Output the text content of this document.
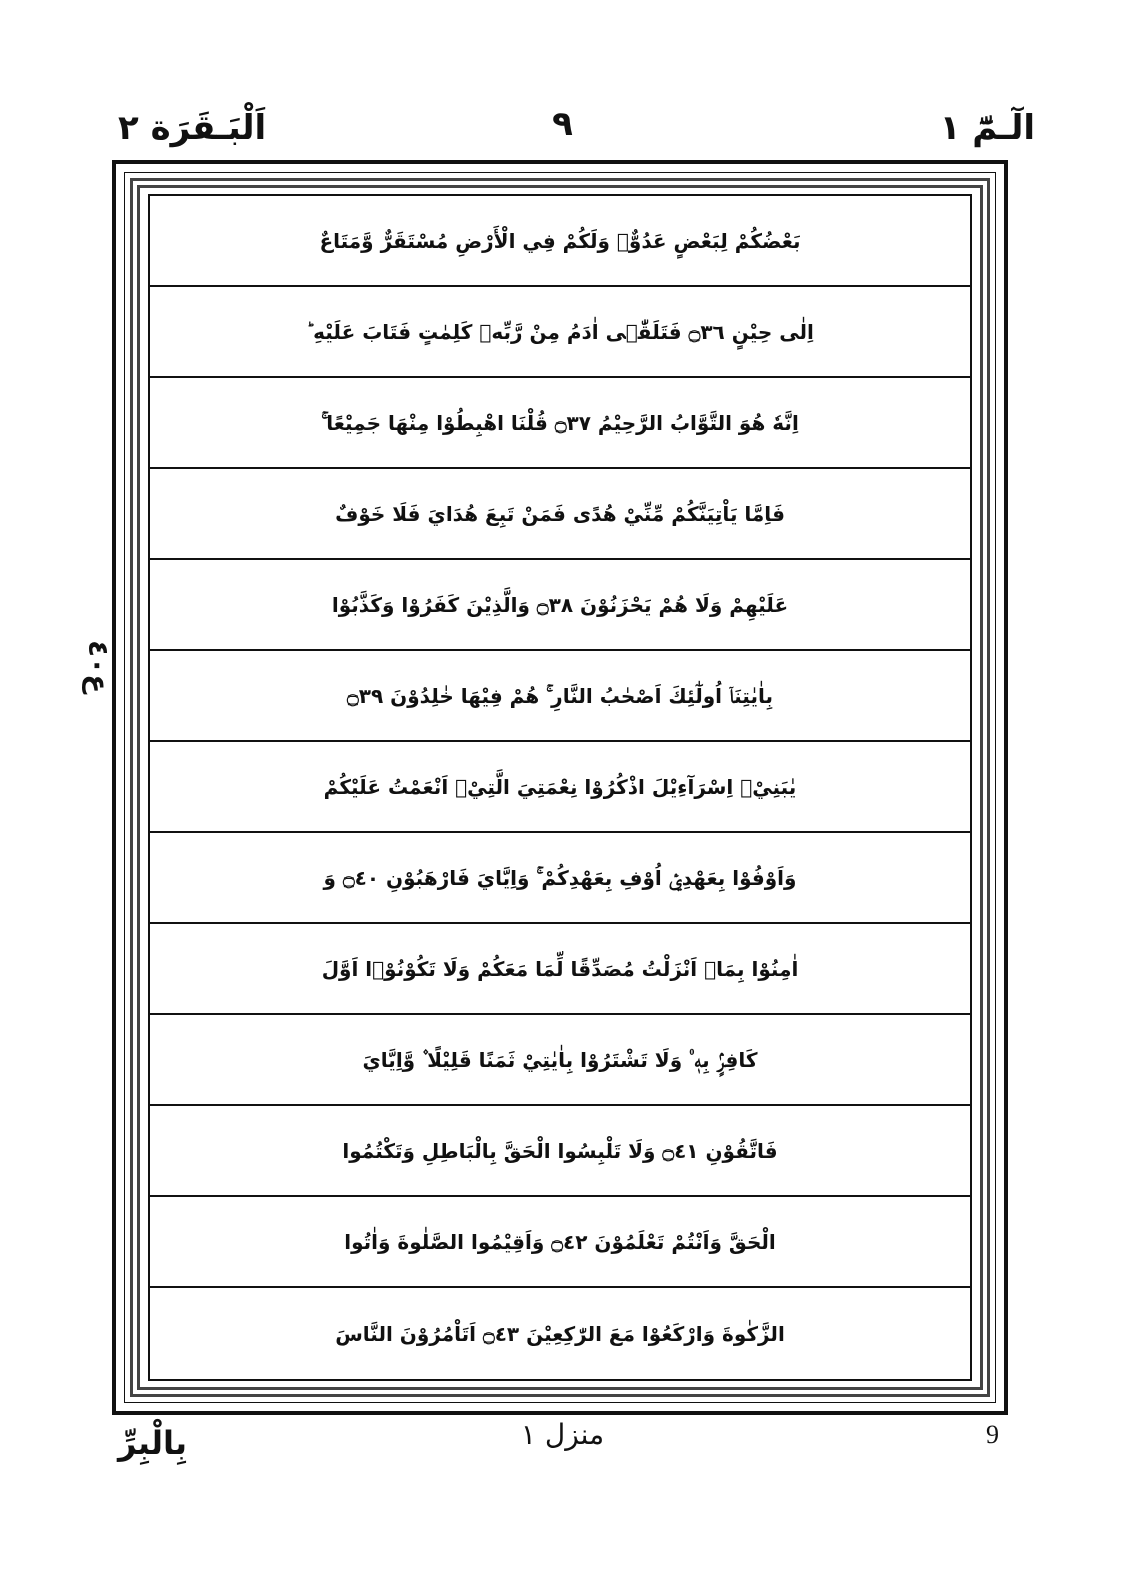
الٓـمّٓ ١
٩
اَلْبَـقَرَة ٢
بَعْضُكُمْ لِبَعْضٍ عَدُوٌّۚ وَلَكُمْ فِي الْأَرْضِ مُسْتَقَرٌّ وَّمَتَاعٌ
اِلٰى حِيْنٍ ۝٣٦ فَتَلَقّٰۤى اٰدَمُ مِنْ رَّبِّهٖ كَلِمٰتٍ فَتَابَ عَلَيْهِ ؕ
اِنَّهٗ هُوَ التَّوَّابُ الرَّحِيْمُ ۝٣٧ قُلْنَا اهْبِطُوْا مِنْهَا جَمِيْعًا ۚ
فَاِمَّا يَاْتِيَنَّكُمْ مِّنِّيْ هُدًى فَمَنْ تَبِعَ هُدَايَ فَلَا خَوْفٌ
عَلَيْهِمْ وَلَا هُمْ يَحْزَنُوْنَ ۝٣٨ وَالَّذِيْنَ كَفَرُوْا وَكَذَّبُوْا
بِاٰيٰتِنَاۤ اُولٰٓئِكَ اَصْحٰبُ النَّارِ ۚ هُمْ فِيْهَا خٰلِدُوْنَ ۝٣٩
يٰبَنِيْۤ اِسْرَآءِيْلَ اذْكُرُوْا نِعْمَتِيَ الَّتِيْۤ اَنْعَمْتُ عَلَيْكُمْ
وَاَوْفُوْا بِعَهْدِيْۤ اُوْفِ بِعَهْدِكُمْ ۚ وَاِيَّايَ فَارْهَبُوْنِ ۝٤٠ وَ
اٰمِنُوْا بِمَاۤ اَنْزَلْتُ مُصَدِّقًا لِّمَا مَعَكُمْ وَلَا تَكُوْنُوْۤا اَوَّلَ
كَافِرٍۢ بِهٖ ۠ وَلَا تَشْتَرُوْا بِاٰيٰتِيْ ثَمَنًا قَلِيْلًا ۫ وَّاِيَّايَ
فَاتَّقُوْنِ ۝٤١ وَلَا تَلْبِسُوا الْحَقَّ بِالْبَاطِلِ وَتَكْتُمُوا
الْحَقَّ وَاَنْتُمْ تَعْلَمُوْنَ ۝٤٢ وَاَقِيْمُوا الصَّلٰوةَ وَاٰتُوا
الزَّكٰوةَ وَارْكَعُوْا مَعَ الرّٰكِعِيْنَ ۝٤٣ اَتَاْمُرُوْنَ النَّاسَ
ع٤٠
بِالْبِرِّ	منزل ١	9
